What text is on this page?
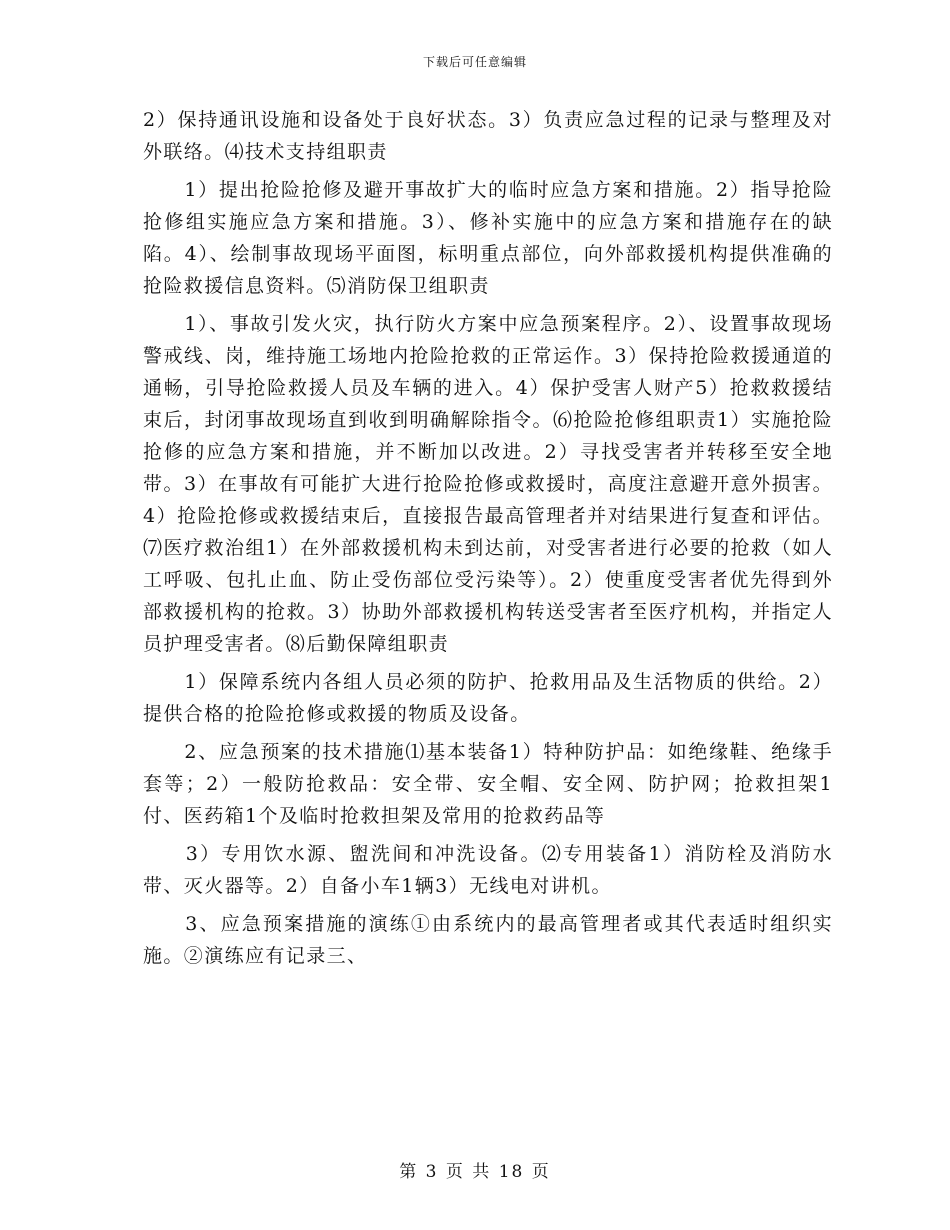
下载后可任意编辑

2）保持通讯设施和设备处于良好状态。3）负责应急过程的记录与整理及对外联络。⑷技术支持组职责

　　1）提出抢险抢修及避开事故扩大的临时应急方案和措施。2）指导抢险抢修组实施应急方案和措施。3）、修补实施中的应急方案和措施存在的缺陷。4）、绘制事故现场平面图，标明重点部位，向外部救援机构提供准确的抢险救援信息资料。⑸消防保卫组职责

　　1）、事故引发火灾，执行防火方案中应急预案程序。2）、设置事故现场警戒线、岗，维持施工场地内抢险抢救的正常运作。3）保持抢险救援通道的通畅，引导抢险救援人员及车辆的进入。4）保护受害人财产5）抢救救援结束后，封闭事故现场直到收到明确解除指令。⑹抢险抢修组职责1）实施抢险抢修的应急方案和措施，并不断加以改进。2）寻找受害者并转移至安全地带。3）在事故有可能扩大进行抢险抢修或救援时，高度注意避开意外损害。4）抢险抢修或救援结束后，直接报告最高管理者并对结果进行复查和评估。⑺医疗救治组1）在外部救援机构未到达前，对受害者进行必要的抢救（如人工呼吸、包扎止血、防止受伤部位受污染等）。2）使重度受害者优先得到外部救援机构的抢救。3）协助外部救援机构转送受害者至医疗机构，并指定人员护理受害者。⑻后勤保障组职责

　　1）保障系统内各组人员必须的防护、抢救用品及生活物质的供给。2）提供合格的抢险抢修或救援的物质及设备。

　　2、应急预案的技术措施⑴基本装备1）特种防护品：如绝缘鞋、绝缘手套等；2）一般防抢救品：安全带、安全帽、安全网、防护网；抢救担架1付、医药箱1个及临时抢救担架及常用的抢救药品等

　　3）专用饮水源、盥洗间和冲洗设备。⑵专用装备1）消防栓及消防水带、灭火器等。2）自备小车1辆3）无线电对讲机。

　　3、应急预案措施的演练①由系统内的最高管理者或其代表适时组织实施。②演练应有记录三、

第 3 页 共 18 页
